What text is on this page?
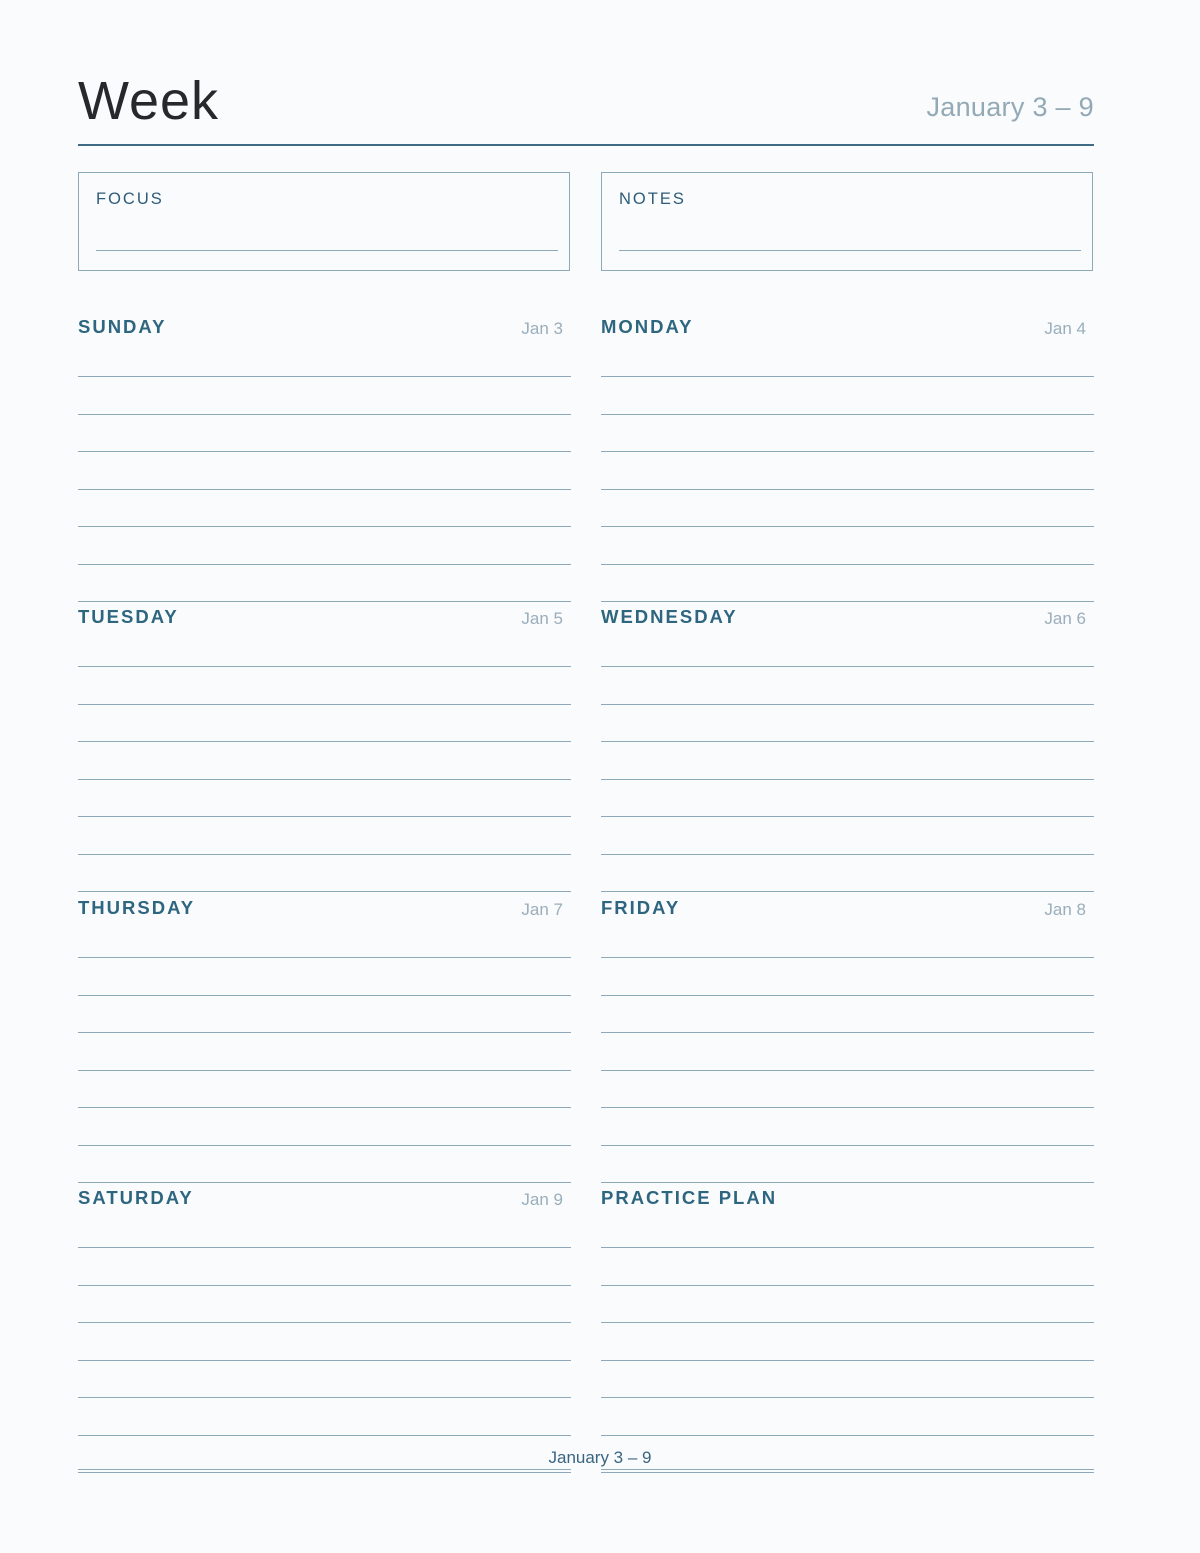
Week	January 3 – 9
FOCUS	NOTES
SUNDAY	Jan 3 MONDAY	Jan 4
TUESDAY	Jan 5 WEDNESDAY	Jan 6
THURSDAY	Jan 7 FRIDAY	Jan 8
SATURDAY	Jan 9 PRACTICE PLAN
January 3 – 9
